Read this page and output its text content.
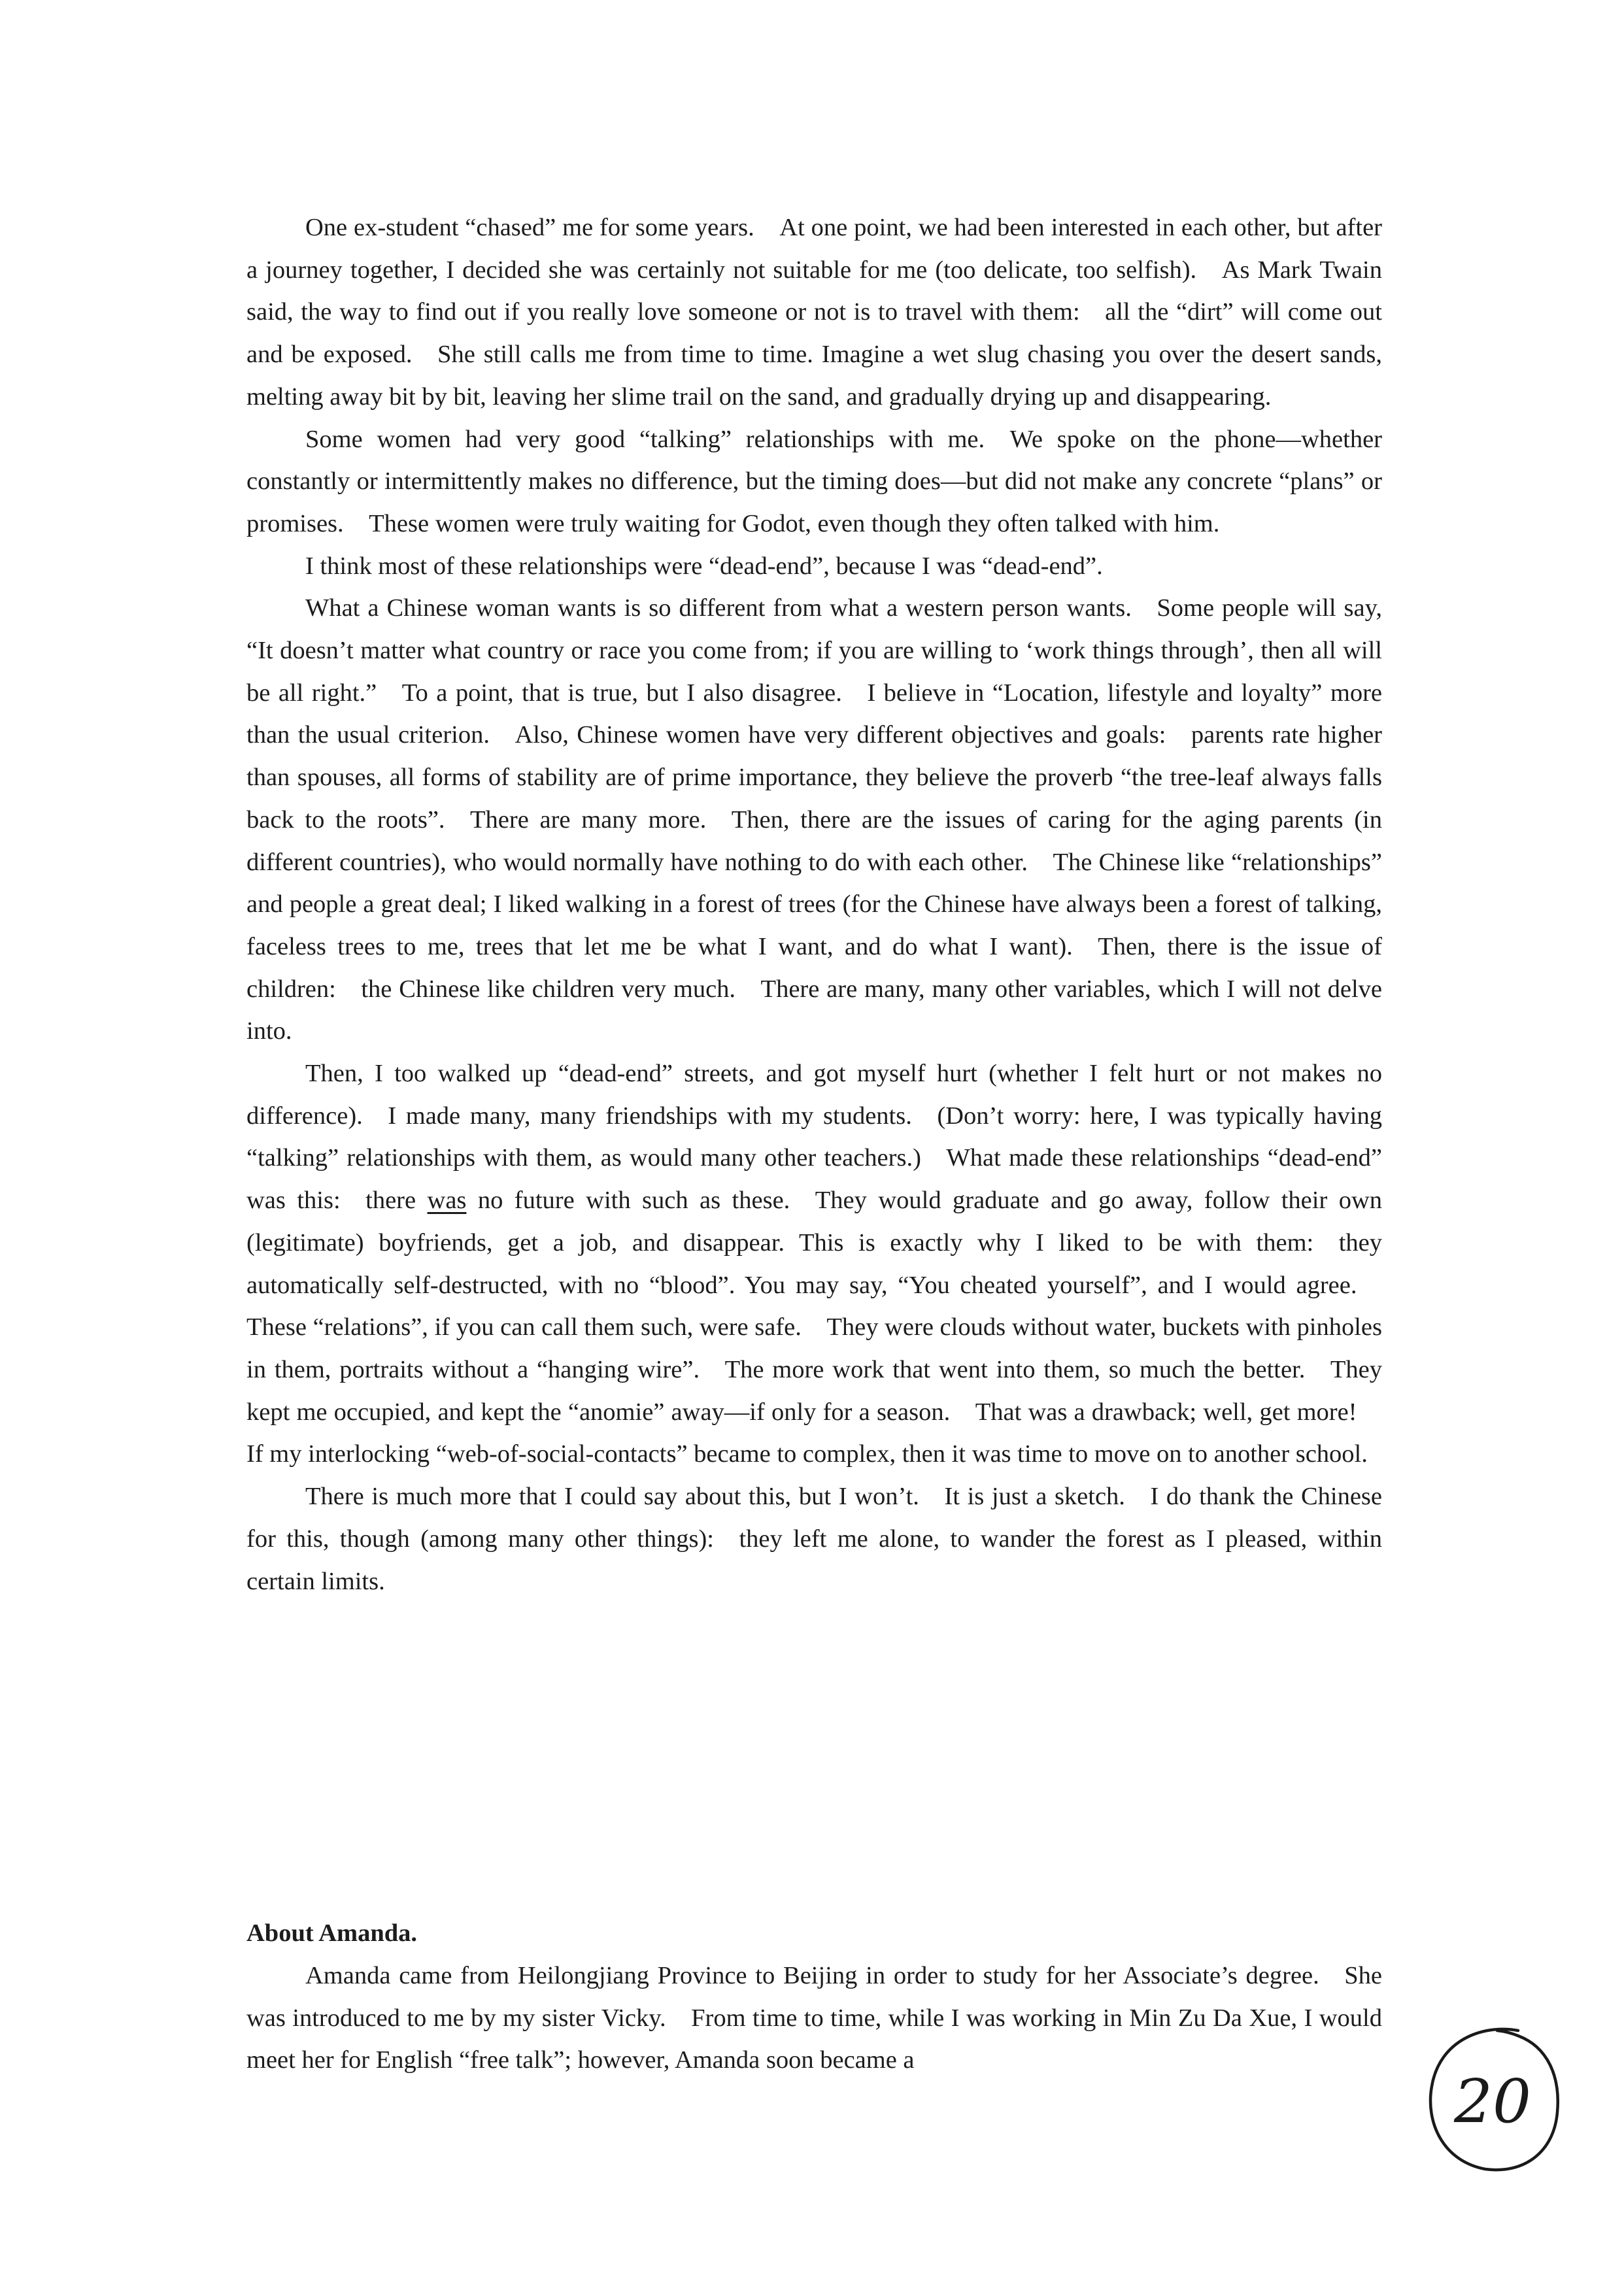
One ex-student “chased” me for some years. At one point, we had been interested in each other, but after a journey together, I decided she was certainly not suitable for me (too delicate, too selfish). As Mark Twain said, the way to find out if you really love someone or not is to travel with them: all the “dirt” will come out and be exposed. She still calls me from time to time. Imagine a wet slug chasing you over the desert sands, melting away bit by bit, leaving her slime trail on the sand, and gradually drying up and disappearing.

Some women had very good “talking” relationships with me. We spoke on the phone—whether constantly or intermittently makes no difference, but the timing does—but did not make any concrete “plans” or promises. These women were truly waiting for Godot, even though they often talked with him.

I think most of these relationships were “dead-end”, because I was “dead-end”.

What a Chinese woman wants is so different from what a western person wants. Some people will say, “It doesn’t matter what country or race you come from; if you are willing to ‘work things through’, then all will be all right.” To a point, that is true, but I also disagree. I believe in “Location, lifestyle and loyalty” more than the usual criterion. Also, Chinese women have very different objectives and goals: parents rate higher than spouses, all forms of stability are of prime importance, they believe the proverb “the tree-leaf always falls back to the roots”. There are many more. Then, there are the issues of caring for the aging parents (in different countries), who would normally have nothing to do with each other. The Chinese like “relationships” and people a great deal; I liked walking in a forest of trees (for the Chinese have always been a forest of talking, faceless trees to me, trees that let me be what I want, and do what I want). Then, there is the issue of children: the Chinese like children very much. There are many, many other variables, which I will not delve into.

Then, I too walked up “dead-end” streets, and got myself hurt (whether I felt hurt or not makes no difference). I made many, many friendships with my students. (Don’t worry: here, I was typically having “talking” relationships with them, as would many other teachers.) What made these relationships “dead-end” was this: there was no future with such as these. They would graduate and go away, follow their own (legitimate) boyfriends, get a job, and disappear. This is exactly why I liked to be with them: they automatically self-destructed, with no “blood”. You may say, “You cheated yourself”, and I would agree. These “relations”, if you can call them such, were safe. They were clouds without water, buckets with pinholes in them, portraits without a “hanging wire”. The more work that went into them, so much the better. They kept me occupied, and kept the “anomie” away—if only for a season. That was a drawback; well, get more! If my interlocking “web-of-social-contacts” became to complex, then it was time to move on to another school.

There is much more that I could say about this, but I won’t. It is just a sketch. I do thank the Chinese for this, though (among many other things): they left me alone, to wander the forest as I pleased, within certain limits.

About Amanda.

Amanda came from Heilongjiang Province to Beijing in order to study for her Associate’s degree. She was introduced to me by my sister Vicky. From time to time, while I was working in Min Zu Da Xue, I would meet her for English “free talk”; however, Amanda soon became a

20
